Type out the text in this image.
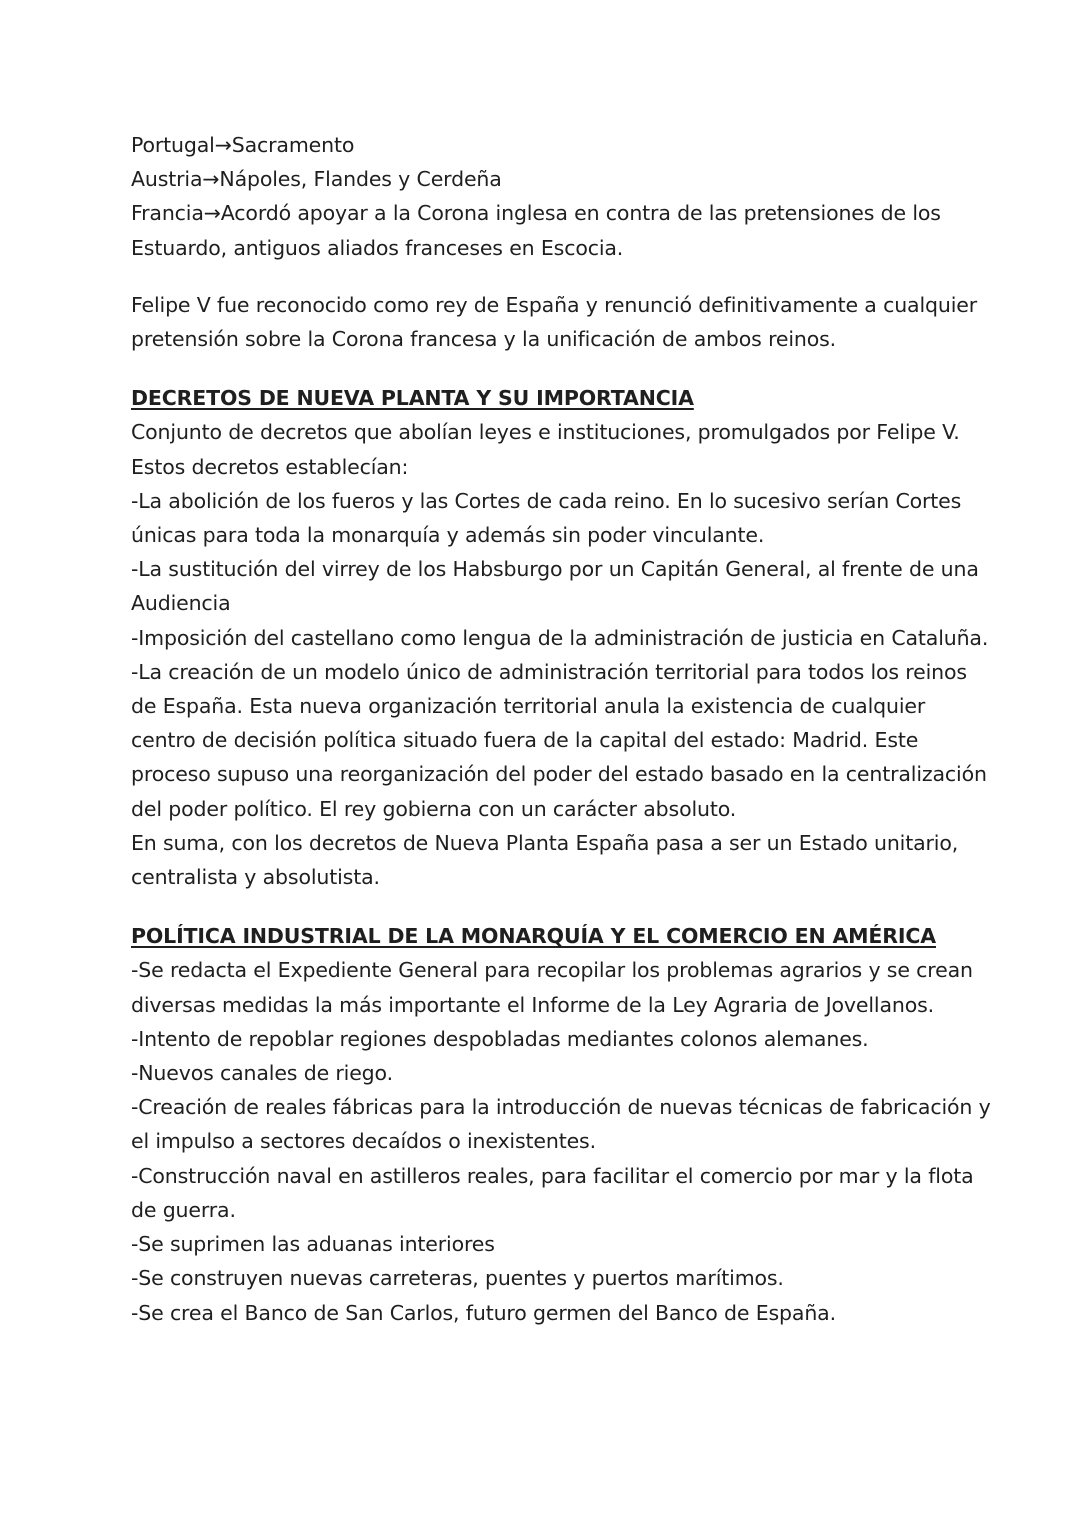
Portugal→Sacramento
Austria→Nápoles, Flandes y Cerdeña
Francia→Acordó apoyar a la Corona inglesa en contra de las pretensiones de los
Estuardo, antiguos aliados franceses en Escocia.
Felipe V fue reconocido como rey de España y renunció definitivamente a cualquier
pretensión sobre la Corona francesa y la unificación de ambos reinos.
DECRETOS DE NUEVA PLANTA Y SU IMPORTANCIA
Conjunto de decretos que abolían leyes e instituciones, promulgados por Felipe V.
Estos decretos establecían:
-La abolición de los fueros y las Cortes de cada reino. En lo sucesivo serían Cortes
únicas para toda la monarquía y además sin poder vinculante.
-La sustitución del virrey de los Habsburgo por un Capitán General, al frente de una
Audiencia
-Imposición del castellano como lengua de la administración de justicia en Cataluña.
-La creación de un modelo único de administración territorial para todos los reinos
de España. Esta nueva organización territorial anula la existencia de cualquier
centro de decisión política situado fuera de la capital del estado: Madrid. Este
proceso supuso una reorganización del poder del estado basado en la centralización
del poder político. El rey gobierna con un carácter absoluto.
En suma, con los decretos de Nueva Planta España pasa a ser un Estado unitario,
centralista y absolutista.
POLÍTICA INDUSTRIAL DE LA MONARQUÍA Y EL COMERCIO EN AMÉRICA
-Se redacta el Expediente General para recopilar los problemas agrarios y se crean
diversas medidas la más importante el Informe de la Ley Agraria de Jovellanos.
-Intento de repoblar regiones despobladas mediantes colonos alemanes.
-Nuevos canales de riego.
-Creación de reales fábricas para la introducción de nuevas técnicas de fabricación y
el impulso a sectores decaídos o inexistentes.
-Construcción naval en astilleros reales, para facilitar el comercio por mar y la flota
de guerra.
-Se suprimen las aduanas interiores
-Se construyen nuevas carreteras, puentes y puertos marítimos.
-Se crea el Banco de San Carlos, futuro germen del Banco de España.
